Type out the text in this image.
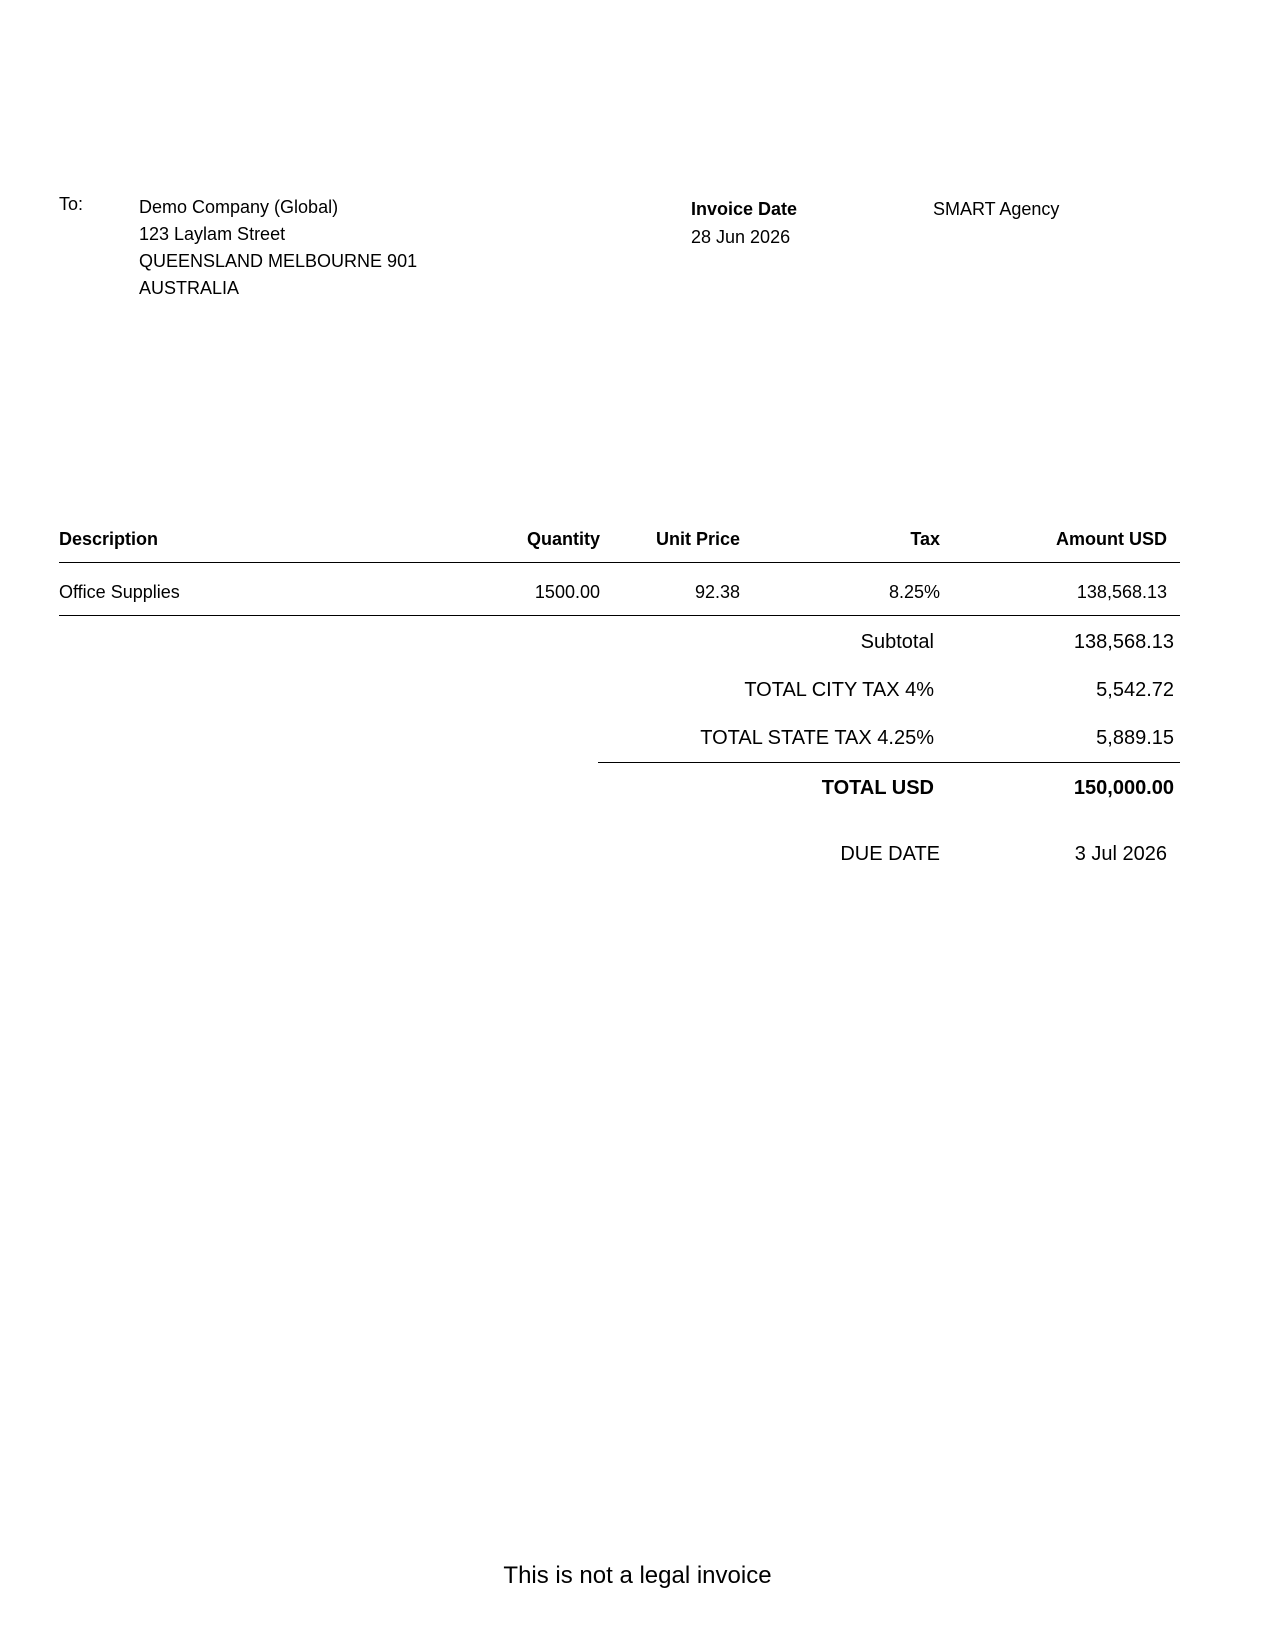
To:	Demo Company (Global)
123 Laylam Street
QUEENSLAND MELBOURNE 901
AUSTRALIA
Invoice Date
28 Jun 2026
SMART Agency
Description	Quantity	Unit Price	Tax	Amount USD
Office Supplies	1500.00	92.38	8.25%	138,568.13
Subtotal	138,568.13
TOTAL CITY TAX 4%	5,542.72
TOTAL STATE TAX 4.25%	5,889.15
TOTAL USD	150,000.00
DUE DATE	3 Jul 2026
This is not a legal invoice
